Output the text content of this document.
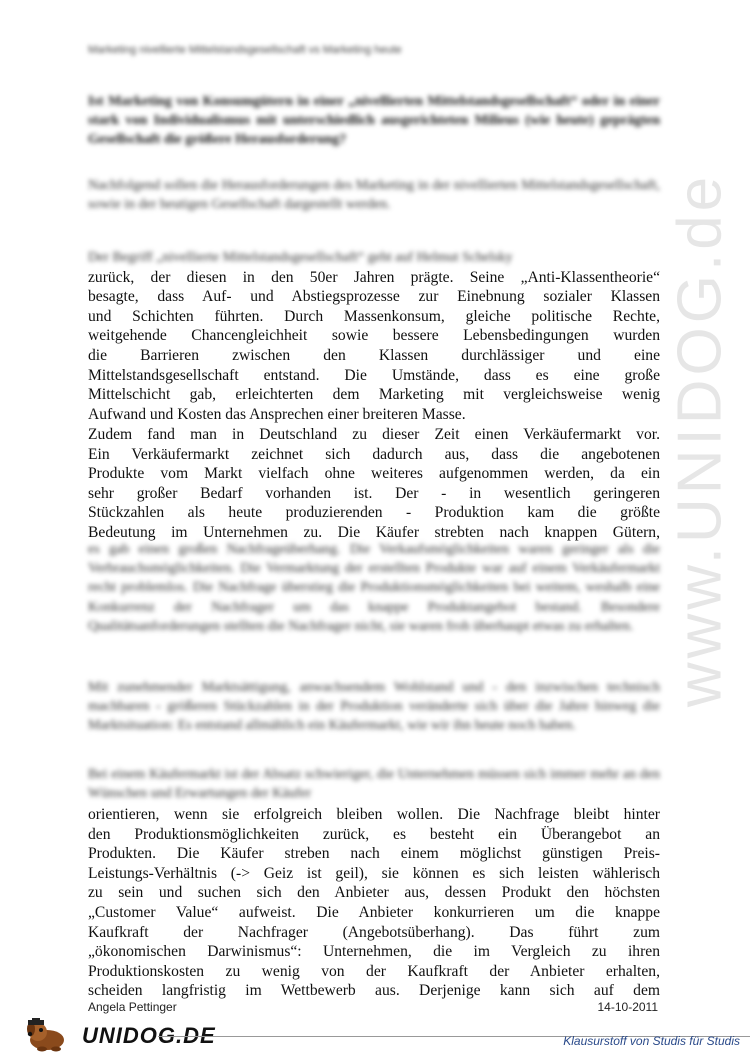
Marketing nivellierte Mittelstandsgesellschaft vs Marketing heute
Ist Marketing von Konsumgütern in einer „nivellierten Mittelstandsgesellschaft“ oder in einer stark von Individualismus mit unterschiedlich ausgerichteten Milieus (wie heute) geprägten Gesellschaft die größere Herausforderung?
Nachfolgend sollen die Herausforderungen des Marketing in der nivellierten Mittelstandsgesellschaft, sowie in der heutigen Gesellschaft dargestellt werden.
Der Begriff „nivellierte Mittelstandsgesellschaft“ geht auf Helmut Schelsky
zurück, der diesen in den 50er Jahren prägte. Seine „Anti-Klassentheorie“
besagte, dass Auf- und Abstiegsprozesse zur Einebnung sozialer Klassen
und Schichten führten. Durch Massenkonsum, gleiche politische Rechte,
weitgehende Chancengleichheit sowie bessere Lebensbedingungen wurden
die Barrieren zwischen den Klassen durchlässiger und eine
Mittelstandsgesellschaft entstand. Die Umstände, dass es eine große
Mittelschicht gab, erleichterten dem Marketing mit vergleichsweise wenig
Aufwand und Kosten das Ansprechen einer breiteren Masse.
Zudem fand man in Deutschland zu dieser Zeit einen Verkäufermarkt vor.
Ein Verkäufermarkt zeichnet sich dadurch aus, dass die angebotenen
Produkte vom Markt vielfach ohne weiteres aufgenommen werden, da ein
sehr großer Bedarf vorhanden ist. Der - in wesentlich geringeren
Stückzahlen als heute produzierenden - Produktion kam die größte
Bedeutung im Unternehmen zu. Die Käufer strebten nach knappen Gütern,
es gab einen großen Nachfrageüberhang. Die Verkaufsmöglichkeiten waren geringer als die Verbrauchsmöglichkeiten. Die Vermarktung der erstellten Produkte war auf einem Verkäufermarkt recht problemlos. Die Nachfrage überstieg die Produktionsmöglichkeiten bei weitem, weshalb eine Konkurrenz der Nachfrager um das knappe Produktangebot bestand. Besondere Qualitätsanforderungen stellten die Nachfrager nicht, sie waren froh überhaupt etwas zu erhalten.
Mit zunehmender Marktsättigung, anwachsendem Wohlstand und - den inzwischen technisch machbaren - größeren Stückzahlen in der Produktion veränderte sich über die Jahre hinweg die Marktsituation: Es entstand allmählich ein Käufermarkt, wie wir ihn heute noch haben.
Bei einem Käufermarkt ist der Absatz schwieriger, die Unternehmen müssen sich immer mehr an den Wünschen und Erwartungen der Käufer
orientieren, wenn sie erfolgreich bleiben wollen. Die Nachfrage bleibt hinter
den Produktionsmöglichkeiten zurück, es besteht ein Überangebot an
Produkten. Die Käufer streben nach einem möglichst günstigen Preis-
Leistungs-Verhältnis (-> Geiz ist geil), sie können es sich leisten wählerisch
zu sein und suchen sich den Anbieter aus, dessen Produkt den höchsten
„Customer Value“ aufweist. Die Anbieter konkurrieren um die knappe
Kaufkraft der Nachfrager (Angebotsüberhang). Das führt zum
„ökonomischen Darwinismus“: Unternehmen, die im Vergleich zu ihren
Produktionskosten zu wenig von der Kaufkraft der Anbieter erhalten,
scheiden langfristig im Wettbewerb aus. Derjenige kann sich auf dem
www.UNIDOG.de
Angela Pettinger	14-10-2011
UNIDOG.DE	Klausurstoff von Studis für Studis
